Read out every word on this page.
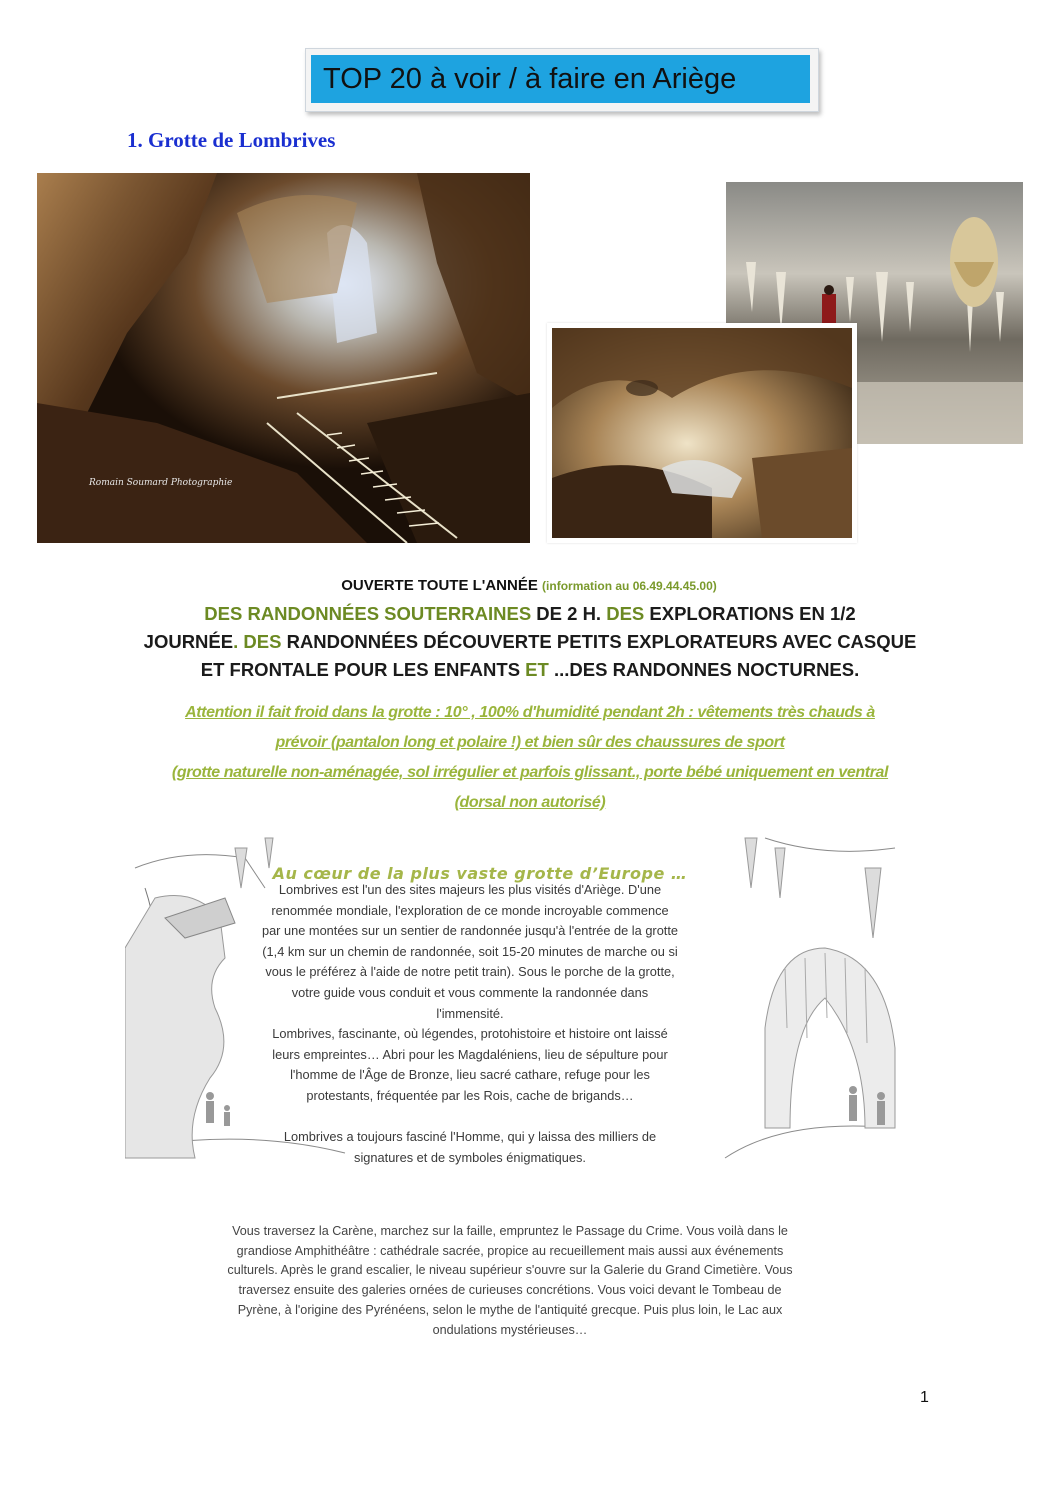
TOP 20 à voir / à faire en Ariège
1. Grotte de Lombrives
Romain Soumard Photographie
OUVERTE TOUTE L'ANNÉE (information au 06.49.44.45.00)
DES RANDONNÉES SOUTERRAINES DE 2 H. DES EXPLORATIONS EN 1/2
JOURNÉE. DES RANDONNÉES DÉCOUVERTE PETITS EXPLORATEURS AVEC CASQUE
ET FRONTALE POUR LES ENFANTS ET ...DES RANDONNES NOCTURNES.
Attention il fait froid dans la grotte : 10° , 100% d'humidité pendant 2h : vêtements très chauds à
prévoir (pantalon long et polaire !) et bien sûr des chaussures de sport
(grotte naturelle non-aménagée, sol irrégulier et parfois glissant., porte bébé uniquement en ventral
(dorsal non autorisé)
Au cœur de la plus vaste grotte d’Europe …
Lombrives est l'un des sites majeurs les plus visités d'Ariège. D'une
renommée mondiale, l'exploration de ce monde incroyable commence
par une montées sur un sentier de randonnée jusqu'à l'entrée de la grotte
(1,4 km sur un chemin de randonnée, soit 15-20 minutes de marche ou si
vous le préférez à l'aide de notre petit train). Sous le porche de la grotte,
votre guide vous conduit et vous commente la randonnée dans
l'immensité.
Lombrives, fascinante, où légendes, protohistoire et histoire ont laissé
leurs empreintes… Abri pour les Magdaléniens, lieu de sépulture pour
l'homme de l'Âge de Bronze, lieu sacré cathare, refuge pour les
protestants, fréquentée par les Rois, cache de brigands…
Lombrives a toujours fasciné l'Homme, qui y laissa des milliers de
signatures et de symboles énigmatiques.
Vous traversez la Carène, marchez sur la faille, empruntez le Passage du Crime. Vous voilà dans le
grandiose Amphithéâtre : cathédrale sacrée, propice au recueillement mais aussi aux événements
culturels. Après le grand escalier, le niveau supérieur s'ouvre sur la Galerie du Grand Cimetière. Vous
traversez ensuite des galeries ornées de curieuses concrétions. Vous voici devant le Tombeau de
Pyrène, à l'origine des Pyrénéens, selon le mythe de l'antiquité grecque. Puis plus loin, le Lac aux
ondulations mystérieuses…
1
